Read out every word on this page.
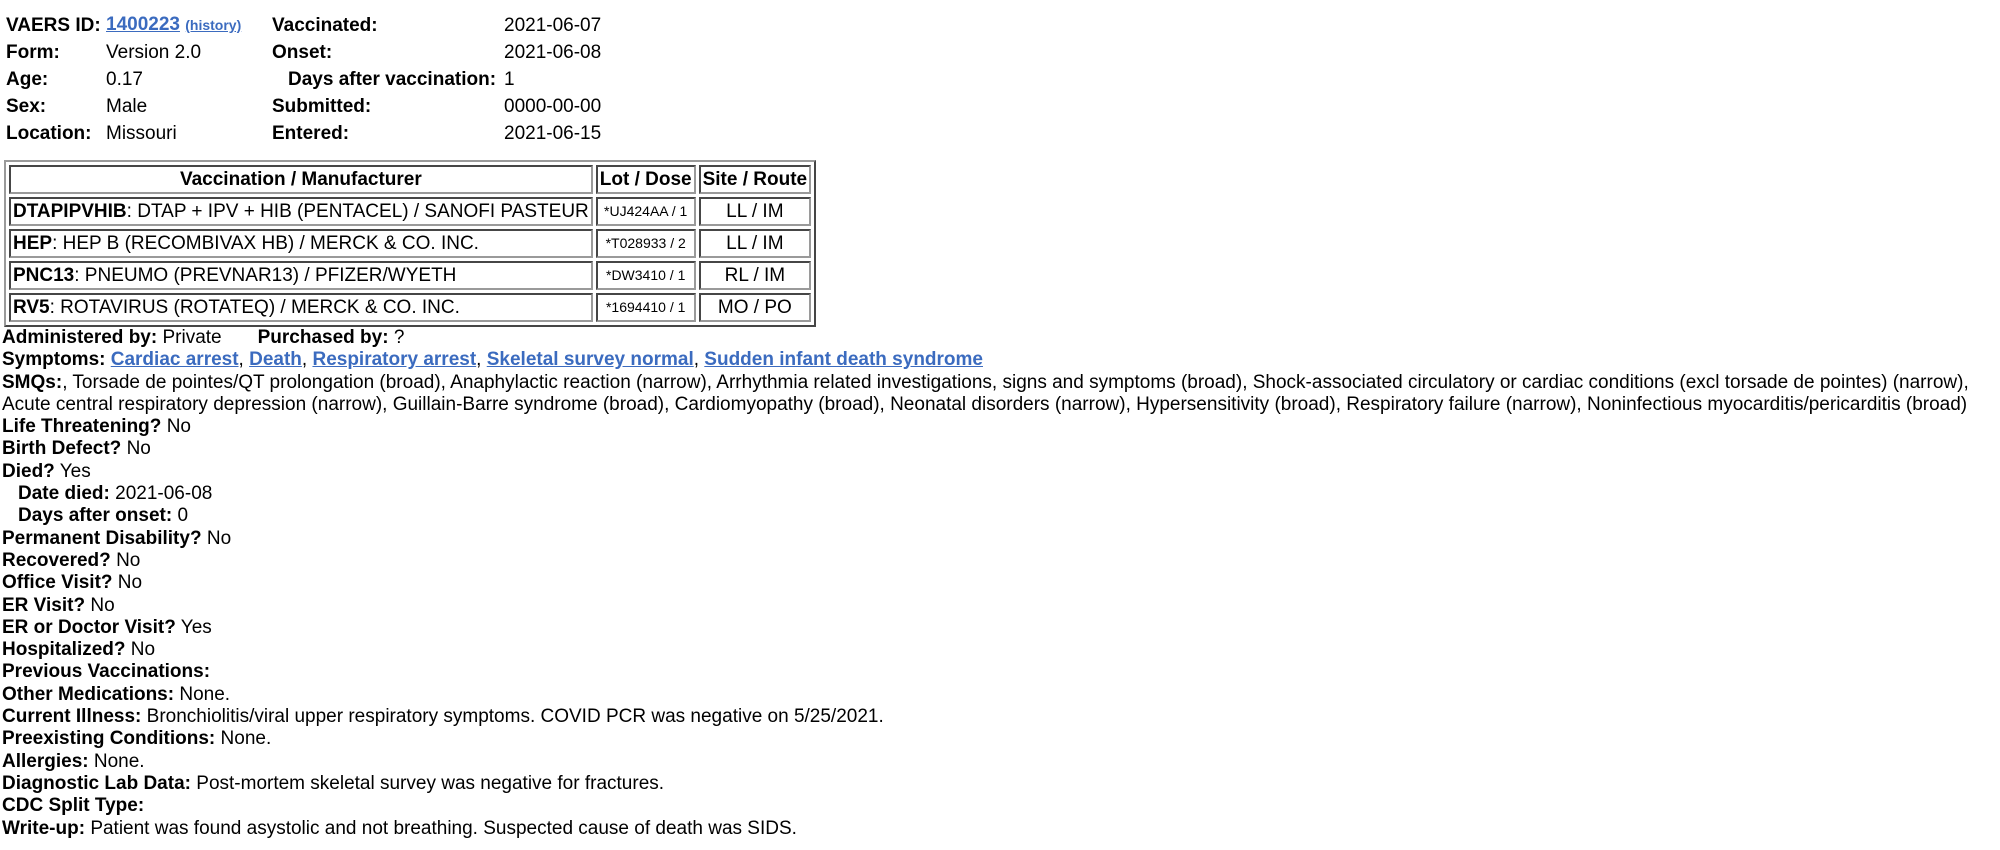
VAERS ID:	1400223 (history)	Vaccinated:	2021-06-07
Form:	Version 2.0	Onset:	2021-06-08
Age:	0.17	Days after vaccination:	1
Sex:	Male	Submitted:	0000-00-00
Location:	Missouri	Entered:	2021-06-15
Vaccination / Manufacturer	Lot / Dose	Site / Route
DTAPIPVHIB: DTAP + IPV + HIB (PENTACEL) / SANOFI PASTEUR	*UJ424AA / 1	LL / IM
HEP: HEP B (RECOMBIVAX HB) / MERCK & CO. INC.	*T028933 / 2	LL / IM
PNC13: PNEUMO (PREVNAR13) / PFIZER/WYETH	*DW3410 / 1	RL / IM
RV5: ROTAVIRUS (ROTATEQ) / MERCK & CO. INC.	*1694410 / 1	MO / PO
Administered by: Private Purchased by: ?
Symptoms: Cardiac arrest, Death, Respiratory arrest, Skeletal survey normal, Sudden infant death syndrome
SMQs:, Torsade de pointes/QT prolongation (broad), Anaphylactic reaction (narrow), Arrhythmia related investigations, signs and symptoms (broad), Shock-associated circulatory or cardiac conditions (excl torsade de pointes) (narrow), Acute central respiratory depression (narrow), Guillain-Barre syndrome (broad), Cardiomyopathy (broad), Neonatal disorders (narrow), Hypersensitivity (broad), Respiratory failure (narrow), Noninfectious myocarditis/pericarditis (broad)
Life Threatening? No
Birth Defect? No
Died? Yes
Date died: 2021-06-08
Days after onset: 0
Permanent Disability? No
Recovered? No
Office Visit? No
ER Visit? No
ER or Doctor Visit? Yes
Hospitalized? No
Previous Vaccinations:
Other Medications: None.
Current Illness: Bronchiolitis/viral upper respiratory symptoms. COVID PCR was negative on 5/25/2021.
Preexisting Conditions: None.
Allergies: None.
Diagnostic Lab Data: Post-mortem skeletal survey was negative for fractures.
CDC Split Type:
Write-up: Patient was found asystolic and not breathing. Suspected cause of death was SIDS.
